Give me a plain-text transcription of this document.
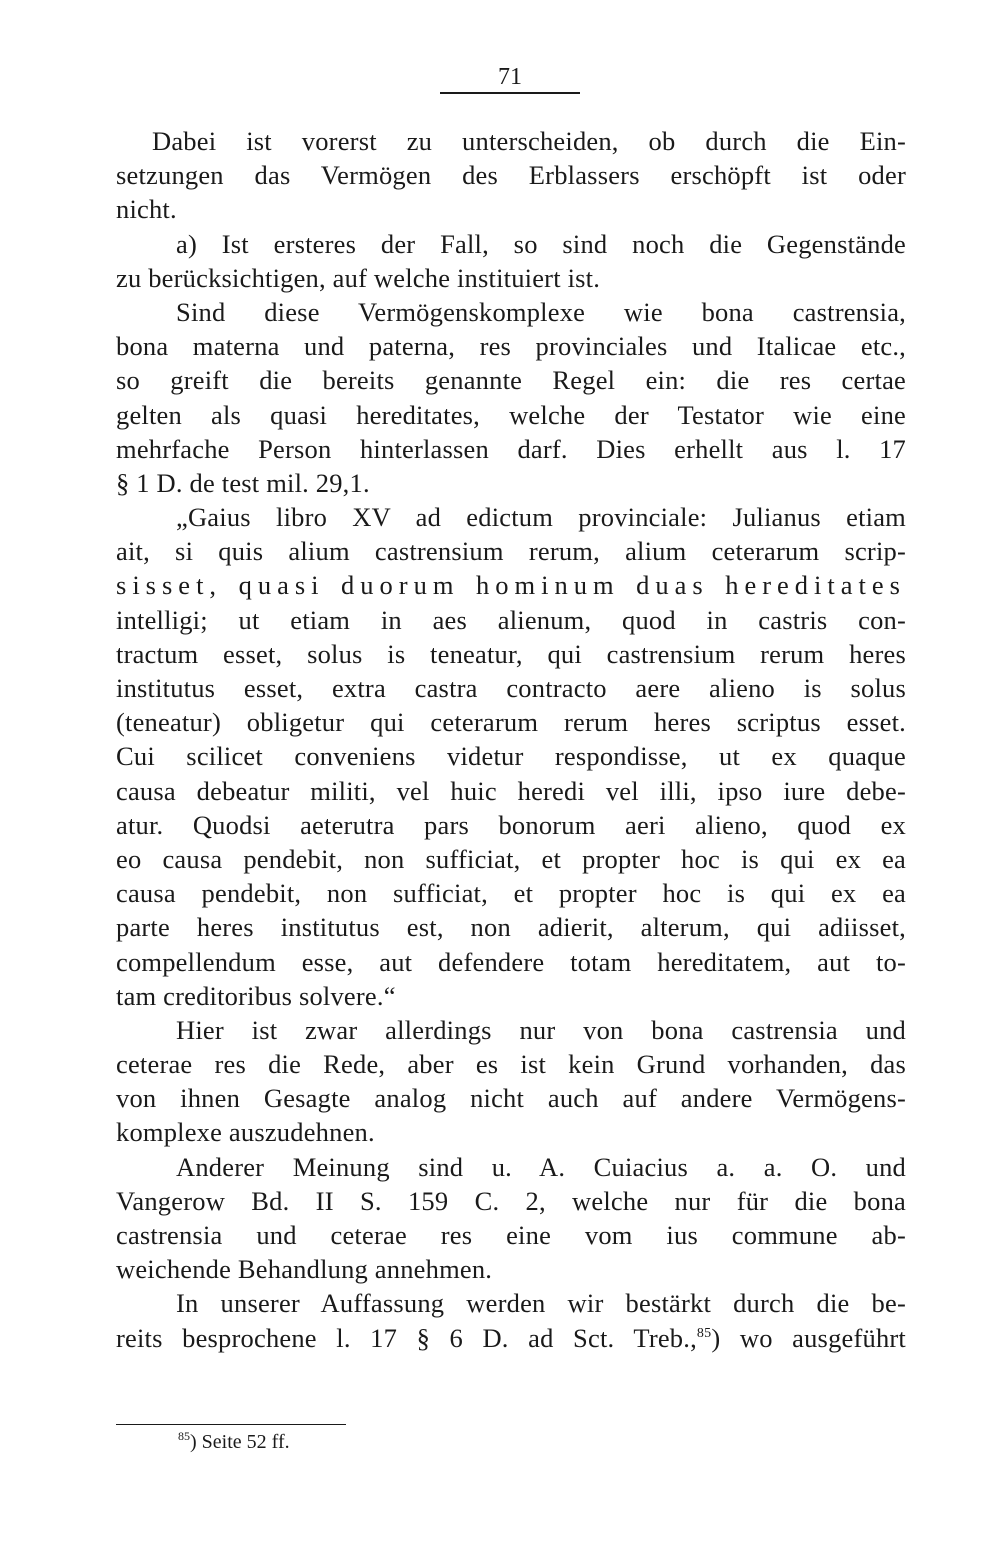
71
Dabei ist vorerst zu unterscheiden, ob durch die Ein-
setzungen das Vermögen des Erblassers erschöpft ist oder
nicht.
a) Ist ersteres der Fall, so sind noch die Gegenstände
zu berücksichtigen, auf welche instituiert ist.
Sind diese Vermögenskomplexe wie bona castrensia,
bona materna und paterna, res provinciales und Italicae etc.,
so greift die bereits genannte Regel ein: die res certae
gelten als quasi hereditates, welche der Testator wie eine
mehrfache Person hinterlassen darf. Dies erhellt aus l. 17
§ 1 D. de test mil. 29,1.
„Gaius libro XV ad edictum provinciale: Julianus etiam
ait, si quis alium castrensium rerum, alium ceterarum scrip-
sisset, quasi duorum hominum duas hereditates
intelligi; ut etiam in aes alienum, quod in castris con-
tractum esset, solus is teneatur, qui castrensium rerum heres
institutus esset, extra castra contracto aere alieno is solus
(teneatur) obligetur qui ceterarum rerum heres scriptus esset.
Cui scilicet conveniens videtur respondisse, ut ex quaque
causa debeatur militi, vel huic heredi vel illi, ipso iure debe-
atur. Quodsi aeterutra pars bonorum aeri alieno, quod ex
eo causa pendebit, non sufficiat, et propter hoc is qui ex ea
causa pendebit, non sufficiat, et propter hoc is qui ex ea
parte heres institutus est, non adierit, alterum, qui adiisset,
compellendum esse, aut defendere totam hereditatem, aut to-
tam creditoribus solvere.“
Hier ist zwar allerdings nur von bona castrensia und
ceterae res die Rede, aber es ist kein Grund vorhanden, das
von ihnen Gesagte analog nicht auch auf andere Vermögens-
komplexe auszudehnen.
Anderer Meinung sind u. A. Cuiacius a. a. O. und
Vangerow Bd. II S. 159 C. 2, welche nur für die bona
castrensia und ceterae res eine vom ius commune ab-
weichende Behandlung annehmen.
In unserer Auffassung werden wir bestärkt durch die be-
reits besprochene l. 17 § 6 D. ad Sct. Treb.,$^{85}$) wo ausgeführt
$^{85}$) Seite 52 ff.
